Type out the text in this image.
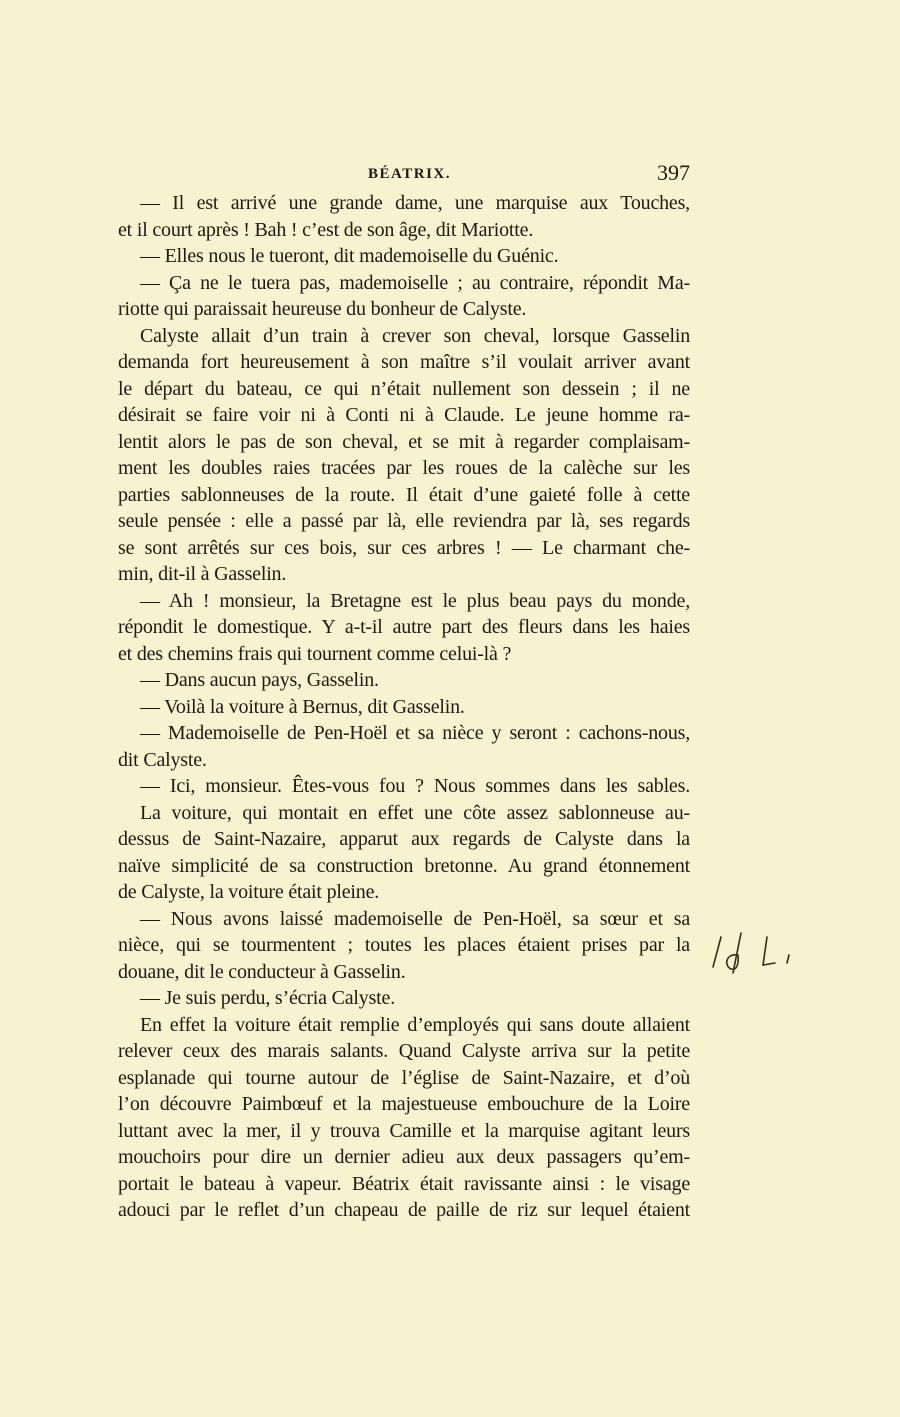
BÉATRIX.	397
— Il est arrivé une grande dame, une marquise aux Touches,
et il court après ! Bah ! c’est de son âge, dit Mariotte.
— Elles nous le tueront, dit mademoiselle du Guénic.
— Ça ne le tuera pas, mademoiselle ; au contraire, répondit Ma-
riotte qui paraissait heureuse du bonheur de Calyste.
Calyste allait d’un train à crever son cheval, lorsque Gasselin
demanda fort heureusement à son maître s’il voulait arriver avant
le départ du bateau, ce qui n’était nullement son dessein ; il ne
désirait se faire voir ni à Conti ni à Claude. Le jeune homme ra-
lentit alors le pas de son cheval, et se mit à regarder complaisam-
ment les doubles raies tracées par les roues de la calèche sur les
parties sablonneuses de la route. Il était d’une gaieté folle à cette
seule pensée : elle a passé par là, elle reviendra par là, ses regards
se sont arrêtés sur ces bois, sur ces arbres ! — Le charmant che-
min, dit-il à Gasselin.
— Ah ! monsieur, la Bretagne est le plus beau pays du monde,
répondit le domestique. Y a-t-il autre part des fleurs dans les haies
et des chemins frais qui tournent comme celui-là ?
— Dans aucun pays, Gasselin.
— Voilà la voiture à Bernus, dit Gasselin.
— Mademoiselle de Pen-Hoël et sa nièce y seront : cachons-nous,
dit Calyste.
— Ici, monsieur. Êtes-vous fou ? Nous sommes dans les sables.
La voiture, qui montait en effet une côte assez sablonneuse au-
dessus de Saint-Nazaire, apparut aux regards de Calyste dans la
naïve simplicité de sa construction bretonne. Au grand étonnement
de Calyste, la voiture était pleine.
— Nous avons laissé mademoiselle de Pen-Hoël, sa sœur et sa
nièce, qui se tourmentent ; toutes les places étaient prises par la
douane, dit le conducteur à Gasselin.
— Je suis perdu, s’écria Calyste.
En effet la voiture était remplie d’employés qui sans doute allaient
relever ceux des marais salants. Quand Calyste arriva sur la petite
esplanade qui tourne autour de l’église de Saint-Nazaire, et d’où
l’on découvre Paimbœuf et la majestueuse embouchure de la Loire
luttant avec la mer, il y trouva Camille et la marquise agitant leurs
mouchoirs pour dire un dernier adieu aux deux passagers qu’em-
portait le bateau à vapeur. Béatrix était ravissante ainsi : le visage
adouci par le reflet d’un chapeau de paille de riz sur lequel étaient
